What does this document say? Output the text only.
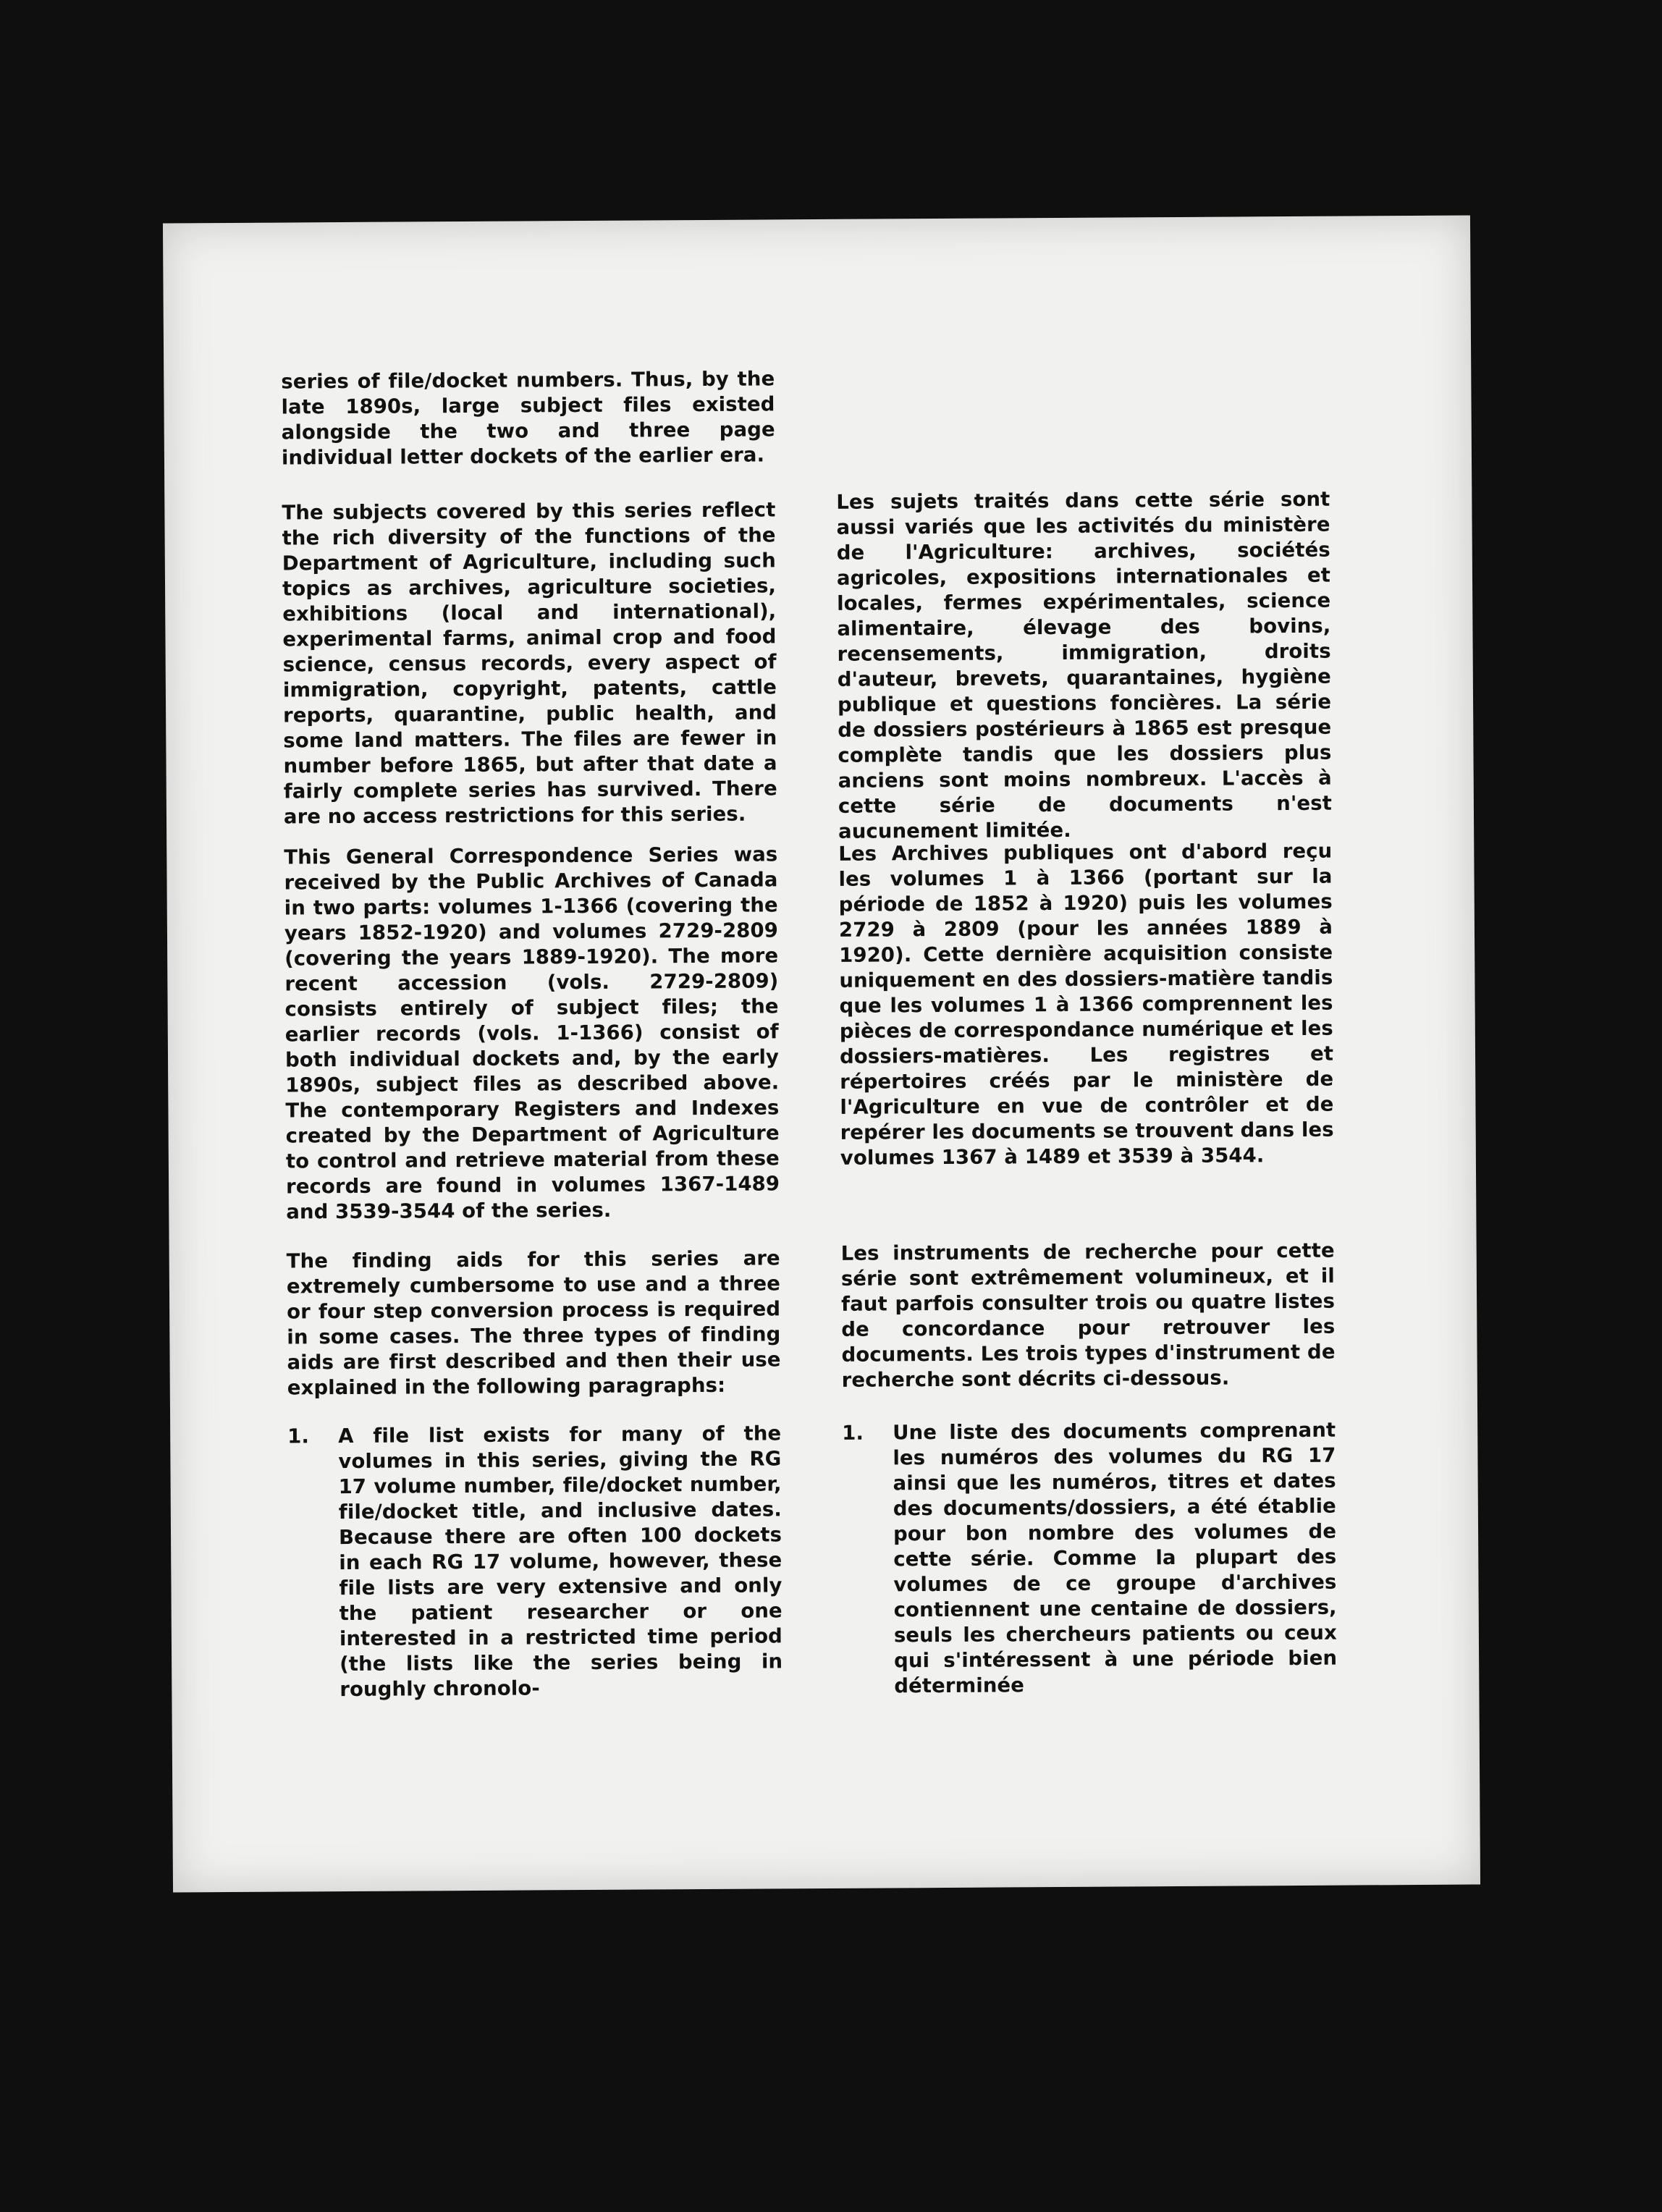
series of file/docket numbers. Thus, by the late 1890s, large subject files existed alongside the two and three page individual letter dockets of the earlier era.

The subjects covered by this series reflect the rich diversity of the functions of the Department of Agriculture, including such topics as archives, agriculture societies, exhibitions (local and international), experimental farms, animal crop and food science, census records, every aspect of immigration, copyright, patents, cattle reports, quarantine, public health, and some land matters. The files are fewer in number before 1865, but after that date a fairly complete series has survived. There are no access restrictions for this series.

This General Correspondence Series was received by the Public Archives of Canada in two parts: volumes 1-1366 (covering the years 1852-1920) and volumes 2729-2809 (covering the years 1889-1920). The more recent accession (vols. 2729-2809) consists entirely of subject files; the earlier records (vols. 1-1366) consist of both individual dockets and, by the early 1890s, subject files as described above. The contemporary Registers and Indexes created by the Department of Agriculture to control and retrieve material from these records are found in volumes 1367-1489 and 3539-3544 of the series.

The finding aids for this series are extremely cumbersome to use and a three or four step conversion process is required in some cases. The three types of finding aids are first described and then their use explained in the following paragraphs:

1.	A file list exists for many of the volumes in this series, giving the RG 17 volume number, file/docket number, file/docket title, and inclusive dates. Because there are often 100 dockets in each RG 17 volume, however, these file lists are very extensive and only the patient researcher or one interested in a restricted time period (the lists like the series being in roughly chronolo-

Les sujets traités dans cette série sont aussi variés que les activités du ministère de l'Agriculture: archives, sociétés agricoles, expositions internationales et locales, fermes expérimentales, science alimentaire, élevage des bovins, recensements, immigration, droits d'auteur, brevets, quarantaines, hygiène publique et questions foncières. La série de dossiers postérieurs à 1865 est presque complète tandis que les dossiers plus anciens sont moins nombreux. L'accès à cette série de documents n'est aucunement limitée.

Les Archives publiques ont d'abord reçu les volumes 1 à 1366 (portant sur la période de 1852 à 1920) puis les volumes 2729 à 2809 (pour les années 1889 à 1920). Cette dernière acquisition consiste uniquement en des dossiers-matière tandis que les volumes 1 à 1366 comprennent les pièces de correspondance numérique et les dossiers-matières. Les registres et répertoires créés par le ministère de l'Agriculture en vue de contrôler et de repérer les documents se trouvent dans les volumes 1367 à 1489 et 3539 à 3544.

Les instruments de recherche pour cette série sont extrêmement volumineux, et il faut parfois consulter trois ou quatre listes de concordance pour retrouver les documents. Les trois types d'instrument de recherche sont décrits ci-dessous.

1.	Une liste des documents comprenant les numéros des volumes du RG 17 ainsi que les numéros, titres et dates des documents/dossiers, a été établie pour bon nombre des volumes de cette série. Comme la plupart des volumes de ce groupe d'archives contiennent une centaine de dossiers, seuls les chercheurs patients ou ceux qui s'intéressent à une période bien déterminée
